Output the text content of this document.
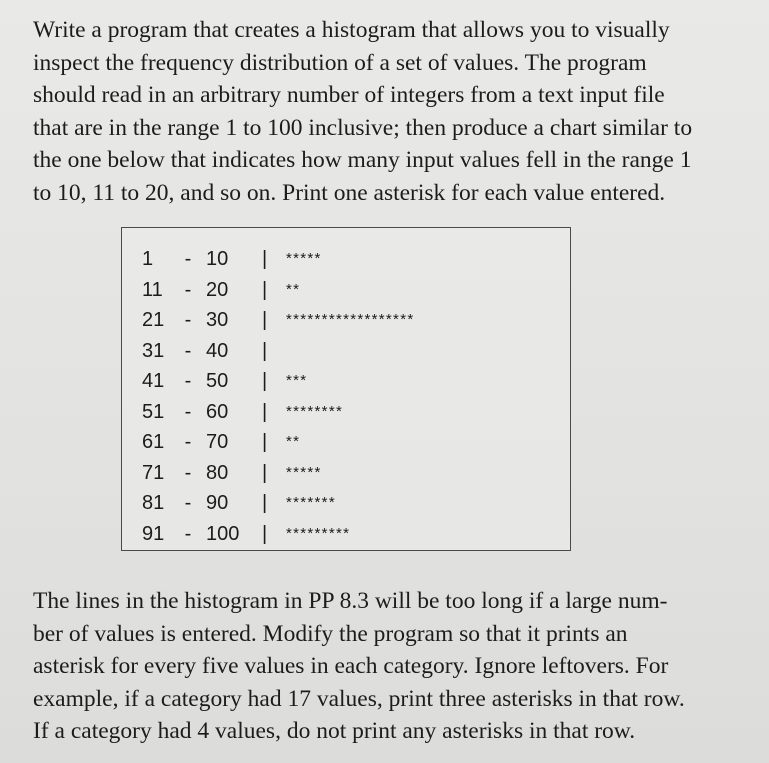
Write a program that creates a histogram that allows you to visually
inspect the frequency distribution of a set of values. The program
should read in an arbitrary number of integers from a text input file
that are in the range 1 to 100 inclusive; then produce a chart similar to
the one below that indicates how many input values fell in the range 1
to 10, 11 to 20, and so on. Print one asterisk for each value entered.

1	- 10	| *****
11	- 20	| **
21	- 30	| ******************
31	- 40	|
41	- 50	| ***
51	- 60	| ********
61	- 70	| **
71	- 80	| *****
81	- 90	| *******
91	- 100	| *********

The lines in the histogram in PP 8.3 will be too long if a large num-
ber of values is entered. Modify the program so that it prints an
asterisk for every five values in each category. Ignore leftovers. For
example, if a category had 17 values, print three asterisks in that row.
If a category had 4 values, do not print any asterisks in that row.
